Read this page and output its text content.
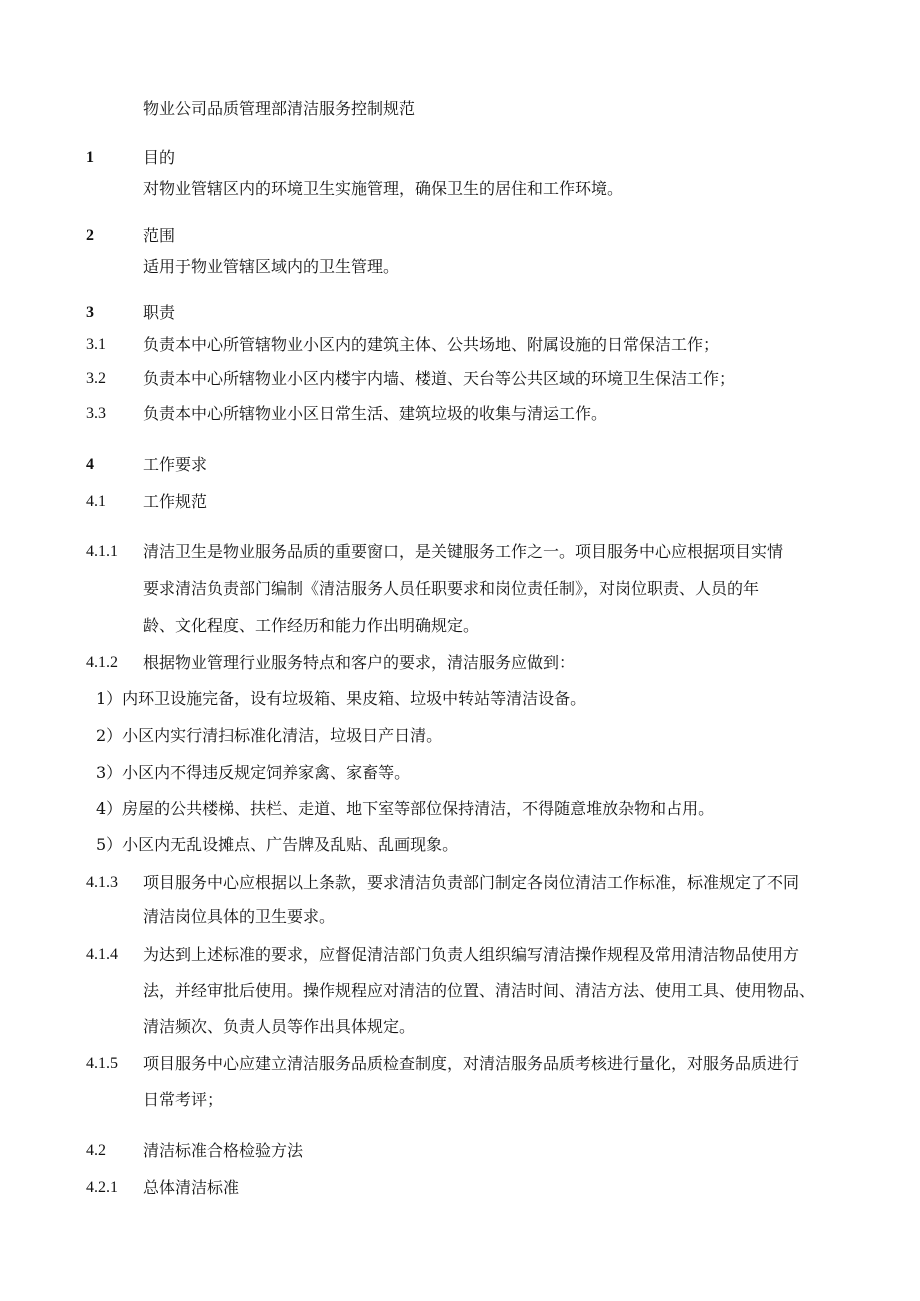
物业公司品质管理部清洁服务控制规范
1	目的
对物业管辖区内的环境卫生实施管理，确保卫生的居住和工作环境。
2	范围
适用于物业管辖区域内的卫生管理。
3	职责
3.1 负责本中心所管辖物业小区内的建筑主体、公共场地、附属设施的日常保洁工作；
3.2 负责本中心所辖物业小区内楼宇内墙、楼道、天台等公共区域的环境卫生保洁工作；
3.3 负责本中心所辖物业小区日常生活、建筑垃圾的收集与清运工作。
4	工作要求
4.1 工作规范
4.1.1 清洁卫生是物业服务品质的重要窗口，是关键服务工作之一。项目服务中心应根据项目实情
要求清洁负责部门编制《清洁服务人员任职要求和岗位责任制》，对岗位职责、人员的年
龄、文化程度、工作经历和能力作出明确规定。
4.1.2 根据物业管理行业服务特点和客户的要求，清洁服务应做到：
1）内环卫设施完备，设有垃圾箱、果皮箱、垃圾中转站等清洁设备。
2）小区内实行清扫标准化清洁，垃圾日产日清。
3）小区内不得违反规定饲养家禽、家畜等。
4）房屋的公共楼梯、扶栏、走道、地下室等部位保持清洁，不得随意堆放杂物和占用。
5）小区内无乱设摊点、广告牌及乱贴、乱画现象。
4.1.3 项目服务中心应根据以上条款，要求清洁负责部门制定各岗位清洁工作标准，标准规定了不同
清洁岗位具体的卫生要求。
4.1.4 为达到上述标准的要求，应督促清洁部门负责人组织编写清洁操作规程及常用清洁物品使用方
法，并经审批后使用。操作规程应对清洁的位置、清洁时间、清洁方法、使用工具、使用物品、
清洁频次、负责人员等作出具体规定。
4.1.5 项目服务中心应建立清洁服务品质检查制度，对清洁服务品质考核进行量化，对服务品质进行
日常考评；
4.2 清洁标准合格检验方法
4.2.1 总体清洁标准
